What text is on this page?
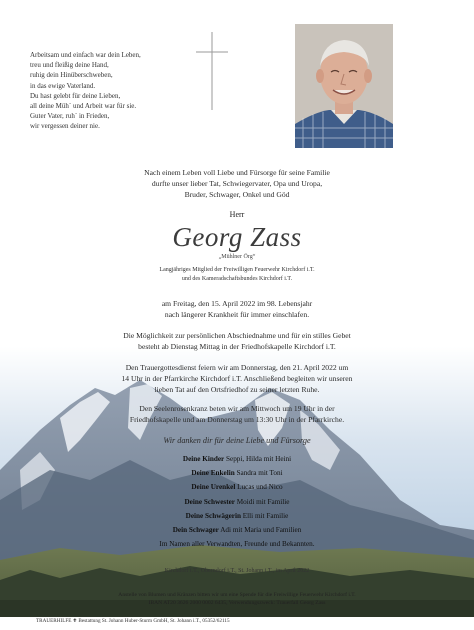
Arbeitsam und einfach war dein Leben,
treu und fleißig deine Hand,
ruhig dein Hinüberschweben,
in das ewige Vaterland.
Du hast gelebt für deine Lieben,
all deine Müh´ und Arbeit war für sie.
Guter Vater, ruh´ in Frieden,
wir vergessen deiner nie.
Nach einem Leben voll Liebe und Fürsorge für seine Familie
durfte unser lieber Tat, Schwiegervater, Opa und Uropa,
Bruder, Schwager, Onkel und Göd
Herr
Georg Zass
„Mühlner Örg“
Langjähriges Mitglied der Freiwilligen Feuerwehr Kirchdorf i.T.
und des Kameradschaftsbundes Kirchdorf i.T.
am Freitag, den 15. April 2022 im 98. Lebensjahr
nach längerer Krankheit für immer einschlafen.
Die Möglichkeit zur persönlichen Abschiednahme und für ein stilles Gebet
besteht ab Dienstag Mittag in der Friedhofskapelle Kirchdorf i.T.
Den Trauergottesdienst feiern wir am Donnerstag, den 21. April 2022 um
14 Uhr in der Pfarrkirche Kirchdorf i.T. Anschließend begleiten wir unseren
lieben Tat auf den Ortsfriedhof zu seiner letzten Ruhe.
Den Seelenrosenkranz beten wir am Mittwoch um 19 Uhr in der
Friedhofskapelle und am Donnerstag um 13:30 Uhr in der Pfarrkirche.
Wir danken dir für deine Liebe und Fürsorge
Deine Kinder Seppi, Hilda mit Heini
Deine Enkelin Sandra mit Toni
Deine Urenkel Lucas und Nico
Deine Schwester Moidi mit Familie
Deine Schwägerin Elli mit Familie
Dein Schwager Adi mit Maria und Familien
Im Namen aller Verwandten, Freunde und Bekannten.
Kirchdorf i.T., Oberndorf i.T., St. Johann i.T., im April 2022
Anstelle von Blumen und Kränzen bitten wir um eine Spende für die Freiwillige Feuerwehr Kirchdorf i.T.
IBAN AT20 3626 2000 0002 6435, Verwendungszweck: Trauerfall Georg Zass
TRAUERHILFE ✟ Bestattung St. Johann Huber-Sturm GmbH, St. Johann i.T., 05352/62115
